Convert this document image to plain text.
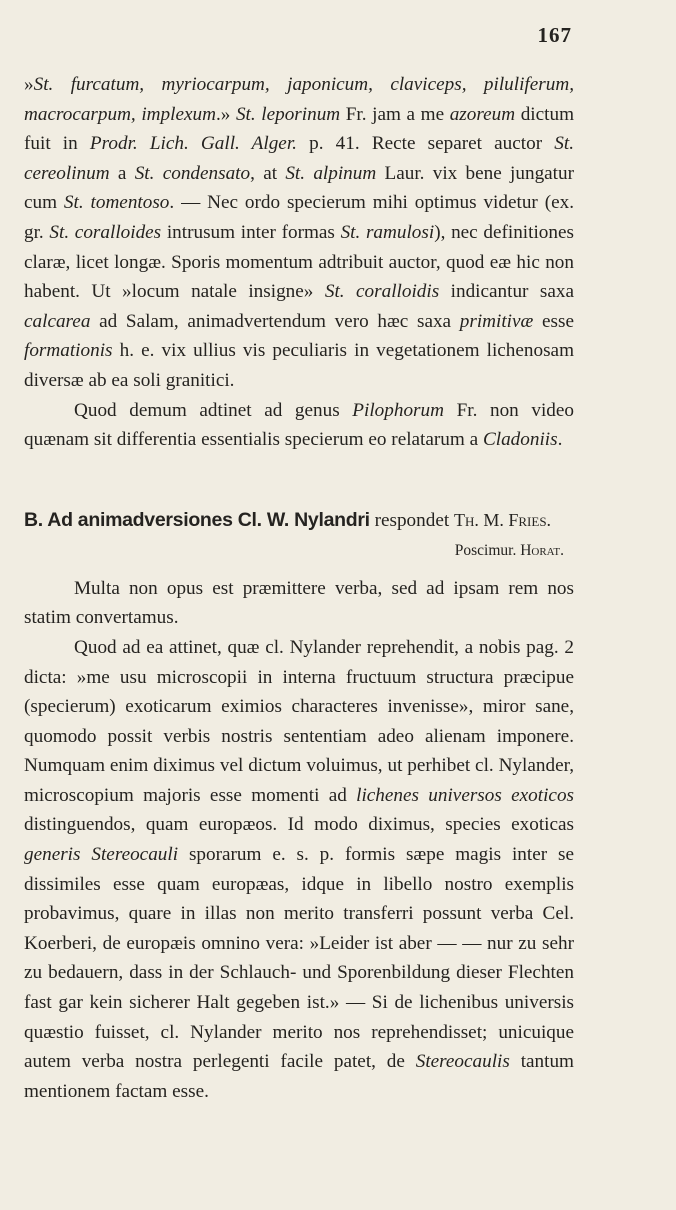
167

»St. furcatum, myriocarpum, japonicum, claviceps, piluliferum, macrocarpum, implexum.» St. leporinum Fr. jam a me azoreum dictum fuit in Prodr. Lich. Gall. Alger. p. 41. Recte separet auctor St. cereolinum a St. condensato, at St. alpinum Laur. vix bene jungatur cum St. tomentoso. — Nec ordo specierum mihi optimus videtur (ex. gr. St. coralloides intrusum inter formas St. ramulosi), nec definitiones claræ, licet longæ. Sporis momentum adtribuit auctor, quod eæ hic non habent. Ut »locum natale insigne» St. coralloidis indicantur saxa calcarea ad Salam, animadvertendum vero hæc saxa primitivæ esse formationis h. e. vix ullius vis peculiaris in vegetationem lichenosam diversæ ab ea soli granitici.

Quod demum adtinet ad genus Pilophorum Fr. non video quænam sit differentia essentialis specierum eo relatarum a Cladoniis.

B. Ad animadversiones Cl. W. Nylandri respondet Th. M. Fries.
Poscimur. Horat.

Multa non opus est præmittere verba, sed ad ipsam rem nos statim convertamus.

Quod ad ea attinet, quæ cl. Nylander reprehendit, a nobis pag. 2 dicta: »me usu microscopii in interna fructuum structura præcipue (specierum) exoticarum eximios characteres invenisse», miror sane, quomodo possit verbis nostris sententiam adeo alienam imponere. Numquam enim diximus vel dictum voluimus, ut perhibet cl. Nylander, microscopium majoris esse momenti ad lichenes universos exoticos distinguendos, quam europæos. Id modo diximus, species exoticas generis Stereocauli sporarum e. s. p. formis sæpe magis inter se dissimiles esse quam europæas, idque in libello nostro exemplis probavimus, quare in illas non merito transferri possunt verba Cel. Koerberi, de europæis omnino vera: »Leider ist aber — — nur zu sehr zu bedauern, dass in der Schlauch- und Sporenbildung dieser Flechten fast gar kein sicherer Halt gegeben ist.» — Si de lichenibus universis quæstio fuisset, cl. Nylander merito nos reprehendisset; unicuique autem verba nostra perlegenti facile patet, de Stereocaulis tantum mentionem factam esse.
